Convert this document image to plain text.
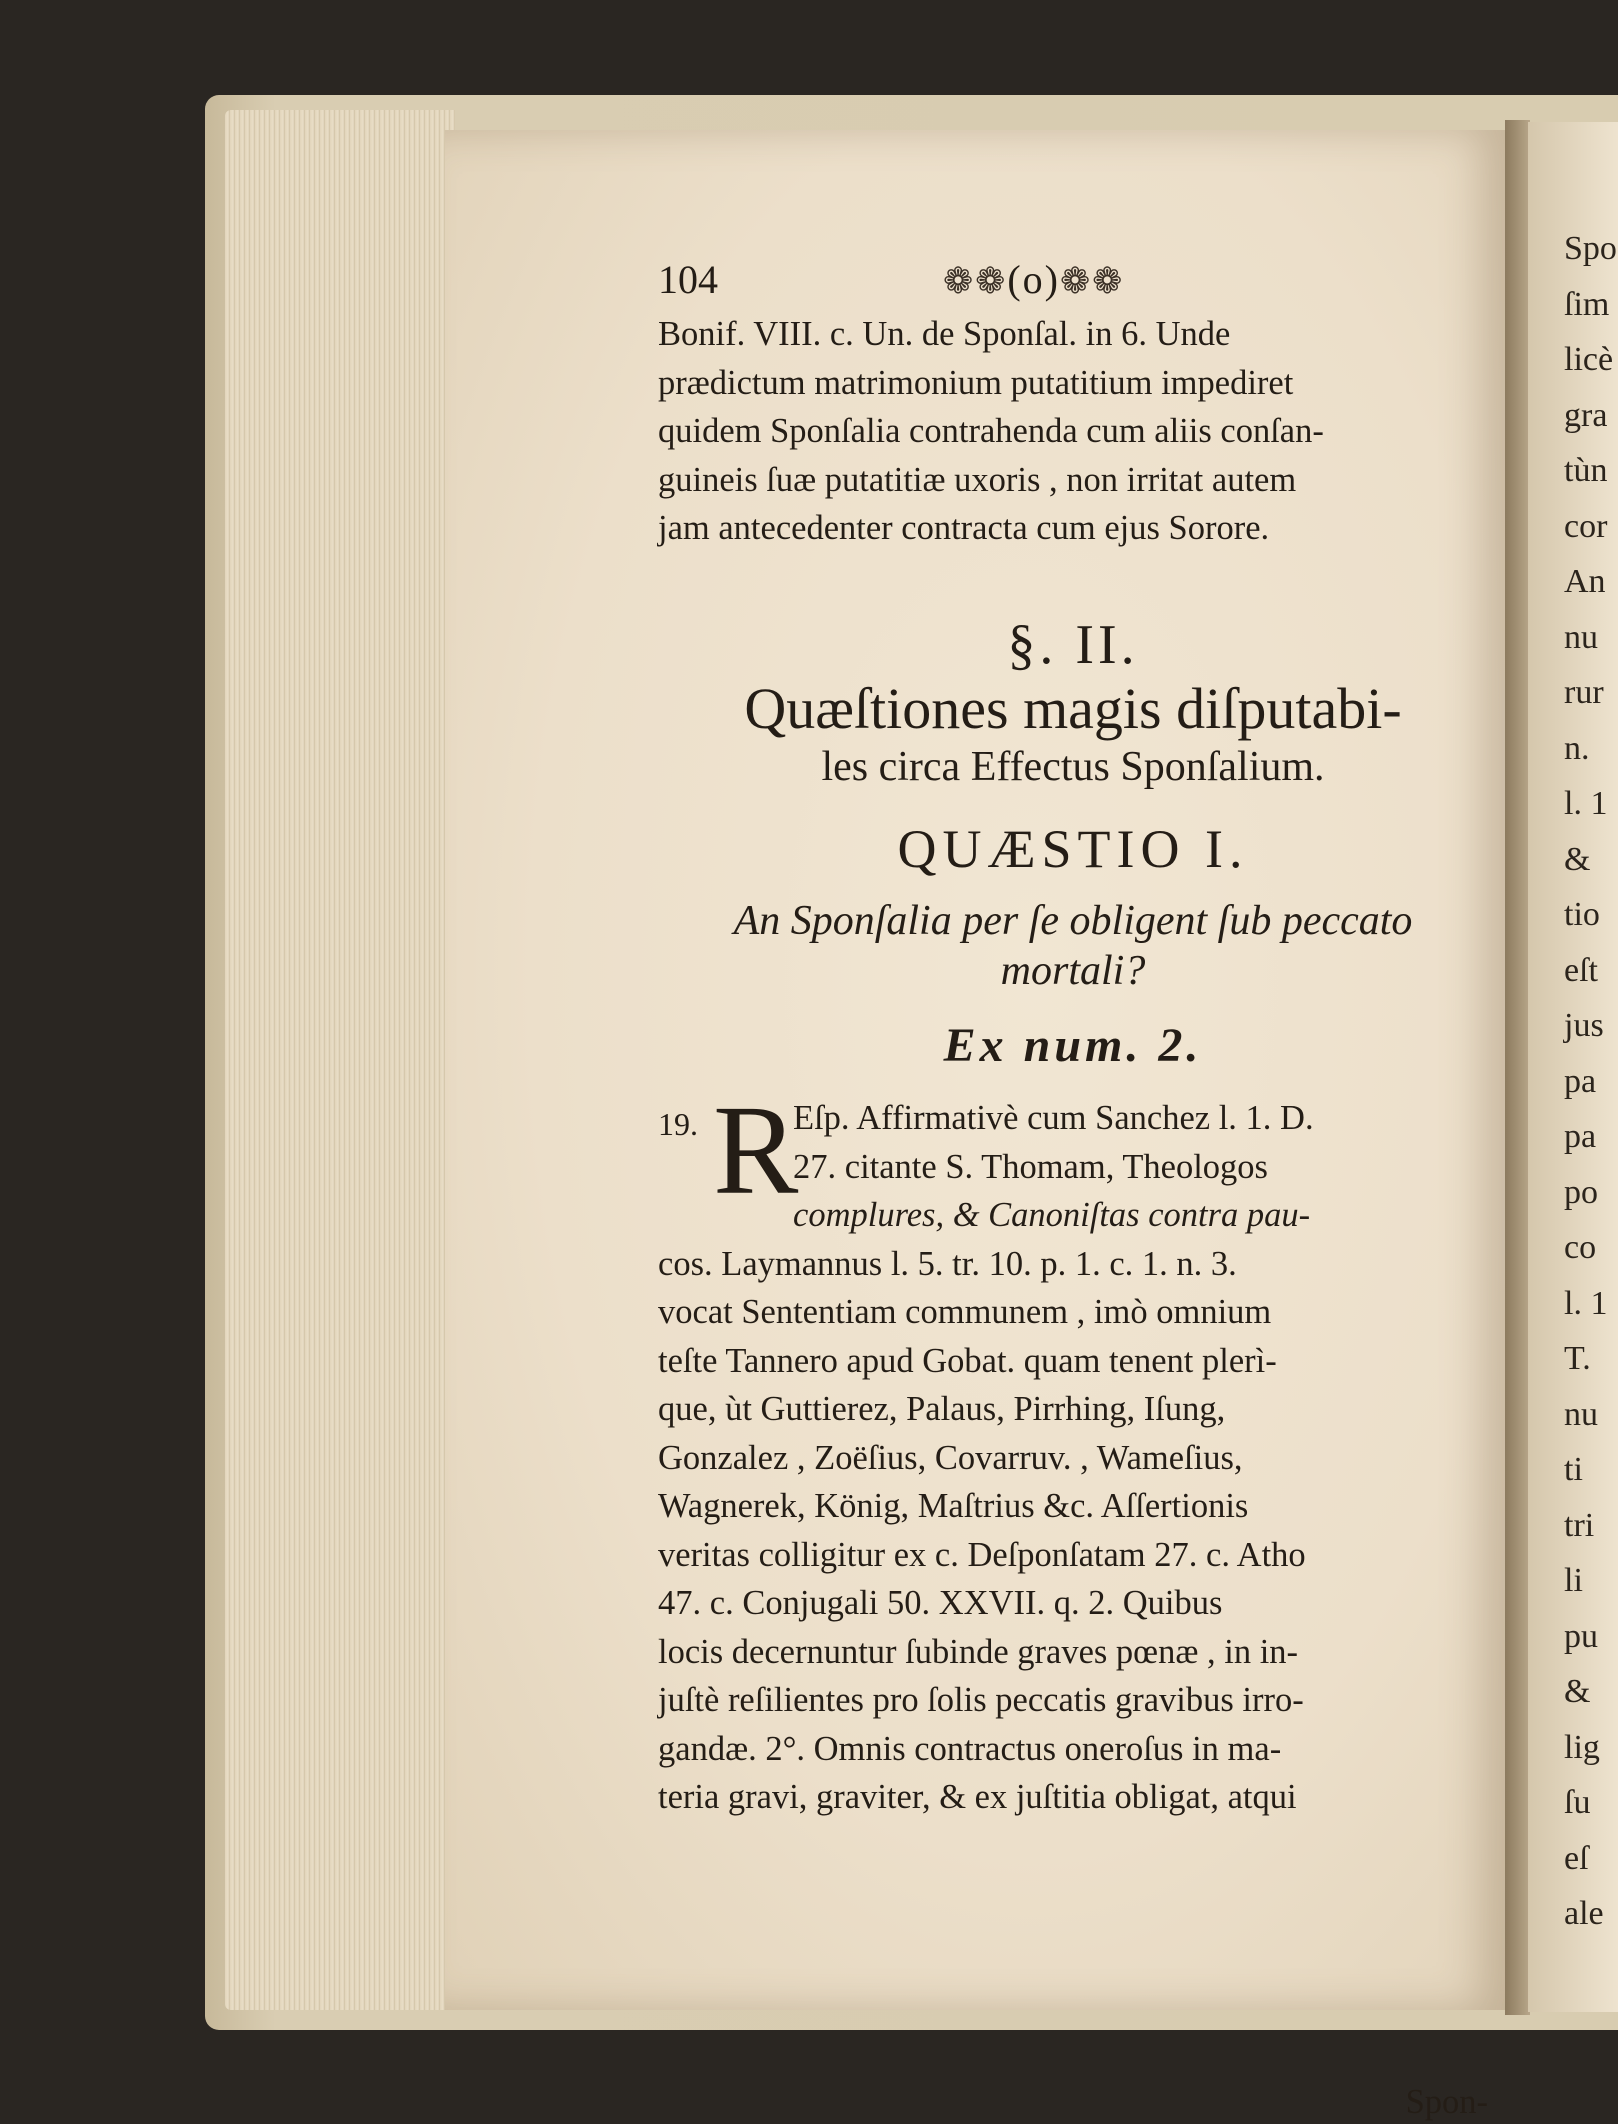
Spo
ſim
licè
gra
tùn
cor
An
nu
rur
n.
l. 1
&
tio
eſt
jus
pa
pa
po
co
l. 1
T.
nu
ti
tri
li
pu
&
lig
ſu
eſ
ale
104	❁❁(o)❁❁
Bonif. VIII. c. Un. de Sponſal. in 6. Unde
prædictum matrimonium putatitium impediret
quidem Sponſalia contrahenda cum aliis conſan-
guineis ſuæ putatitiæ uxoris , non irritat autem
jam antecedenter contracta cum ejus Sorore.
§. II.
Quæſtiones magis diſputabi-
les circa Effectus Sponſalium.
QUÆSTIO I.
An Sponſalia per ſe obligent ſub peccato
mortali?
Ex num. 2.
19. R
Eſp. Affirmativè cum Sanchez l. 1. D.
27. citante S. Thomam, Theologos
complures, & Canoniſtas contra pau-
cos. Laymannus l. 5. tr. 10. p. 1. c. 1. n. 3.
vocat Sententiam communem , imò omnium
teſte Tannero apud Gobat. quam tenent plerì-
que, ùt Guttierez, Palaus, Pirrhing, Iſung,
Gonzalez , Zoëſius, Covarruv. , Wameſius,
Wagnerek, König, Maſtrius &c. Aſſertionis
veritas colligitur ex c. Deſponſatam 27. c. Atho
47. c. Conjugali 50. XXVII. q. 2. Quibus
locis decernuntur ſubinde graves pœnæ , in in-
juſtè reſilientes pro ſolis peccatis gravibus irro-
gandæ. 2°. Omnis contractus oneroſus in ma-
teria gravi, graviter, & ex juſtitia obligat, atqui
Spon-
